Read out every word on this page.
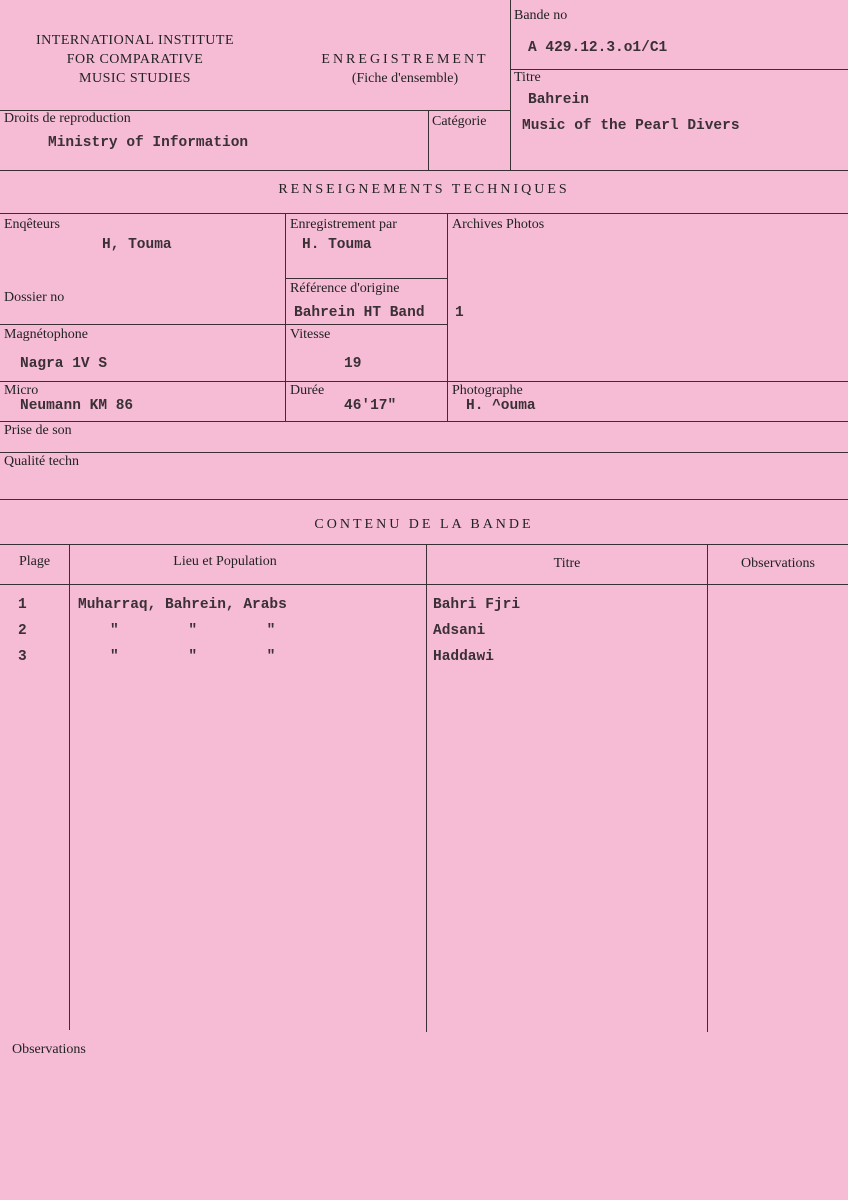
INTERNATIONAL INSTITUTE
FOR COMPARATIVE
MUSIC STUDIES
ENREGISTREMENT
(Fiche d'ensemble)
Bande no
A 429.12.3.o1/C1
Titre
Bahrein
Music of the Pearl Divers
Droits de reproduction
Ministry of Information
Catégorie
RENSEIGNEMENTS TECHNIQUES
Enqêteurs
H, Touma
Enregistrement par
H. Touma
Archives Photos
1
Dossier no
Référence d'origine
Bahrein HT Band
Magnétophone
Nagra 1V S
Vitesse
19
Micro
Neumann KM 86
Durée
46'17"
Photographe
H. ^ouma
Prise de son
Qualité techn
CONTENU DE LA BANDE
Plage	Lieu et Population	Titre	Observations
1	Muharraq, Bahrein, Arabs	Bahri Fjri
2	"        "        "	Adsani
3	"        "        "	Haddawi
Observations
